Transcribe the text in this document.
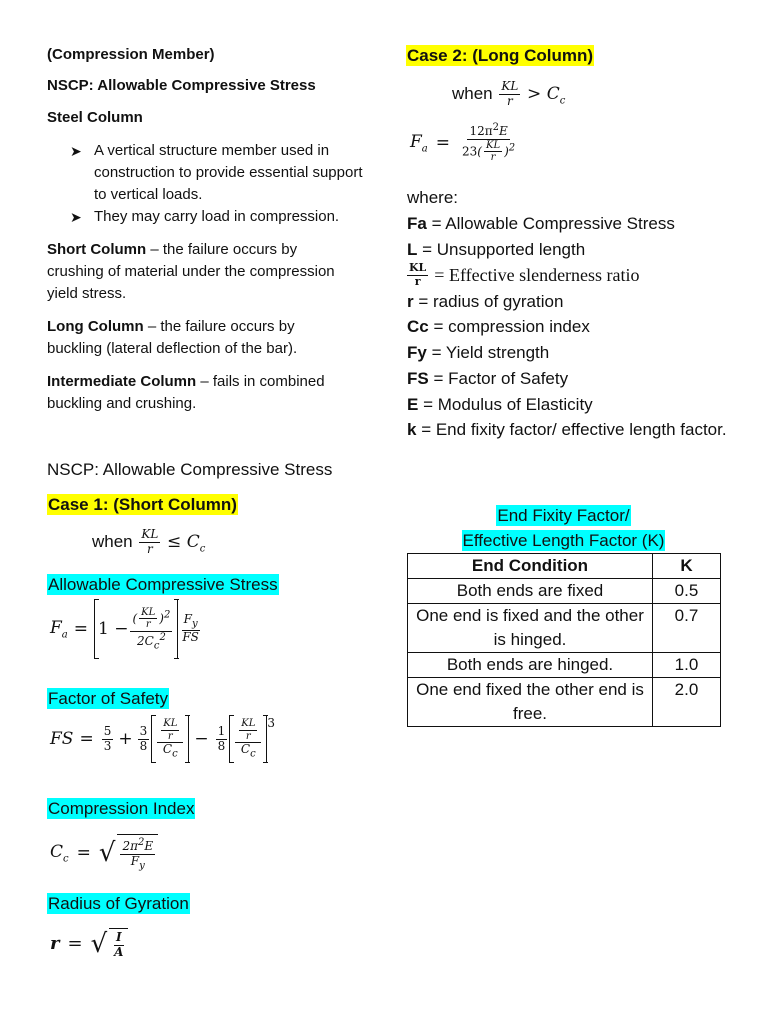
(Compression Member)
NSCP: Allowable Compressive Stress
Steel Column
➤ A vertical structure member used in construction to provide essential support to vertical loads.
➤ They may carry load in compression.
Short Column – the failure occurs by crushing of material under the compression yield stress.
Long Column – the failure occurs by buckling (lateral deflection of the bar).
Intermediate Column – fails in combined buckling and crushing.
NSCP: Allowable Compressive Stress
Case 1: (Short Column)
when $\frac{KL}{r} \le C_c$
Allowable Compressive Stress
$F_a = 1 - \frac{( \frac{KL}{r} )^2}{2C_c^2} \frac{F_y}{FS}$
Factor of Safety
FS = $\frac{5}{3} + \frac{3}{8} \frac{\frac{KL}{r}}{C_c} - \frac{1}{8} \frac{\frac{KL}{r}}{C_c} ^3$
Compression Index
$C_c$ = √ $\frac{2\pi^2E}{F_y}$
Radius of Gyration
r = √ $\frac{I}{A}$
Case 2: (Long Column)
when $\frac{KL}{r} > C_c$
$F_a = \frac{12\pi^2E}{23( \frac{KL}{r} )^2}$
where:
Fa = Allowable Compressive Stress
L = Unsupported length
$\frac{KL}{r}$ = Effective slenderness ratio
r = radius of gyration
Cc = compression index
Fy = Yield strength
FS = Factor of Safety
E = Modulus of Elasticity
k = End fixity factor/ effective length factor.
End Fixity Factor/
Effective Length Factor (K)
End Condition	K
Both ends are fixed	0.5
One end is fixed and the other is hinged.	0.7
Both ends are hinged.	1.0
One end fixed the other end is free.	2.0
